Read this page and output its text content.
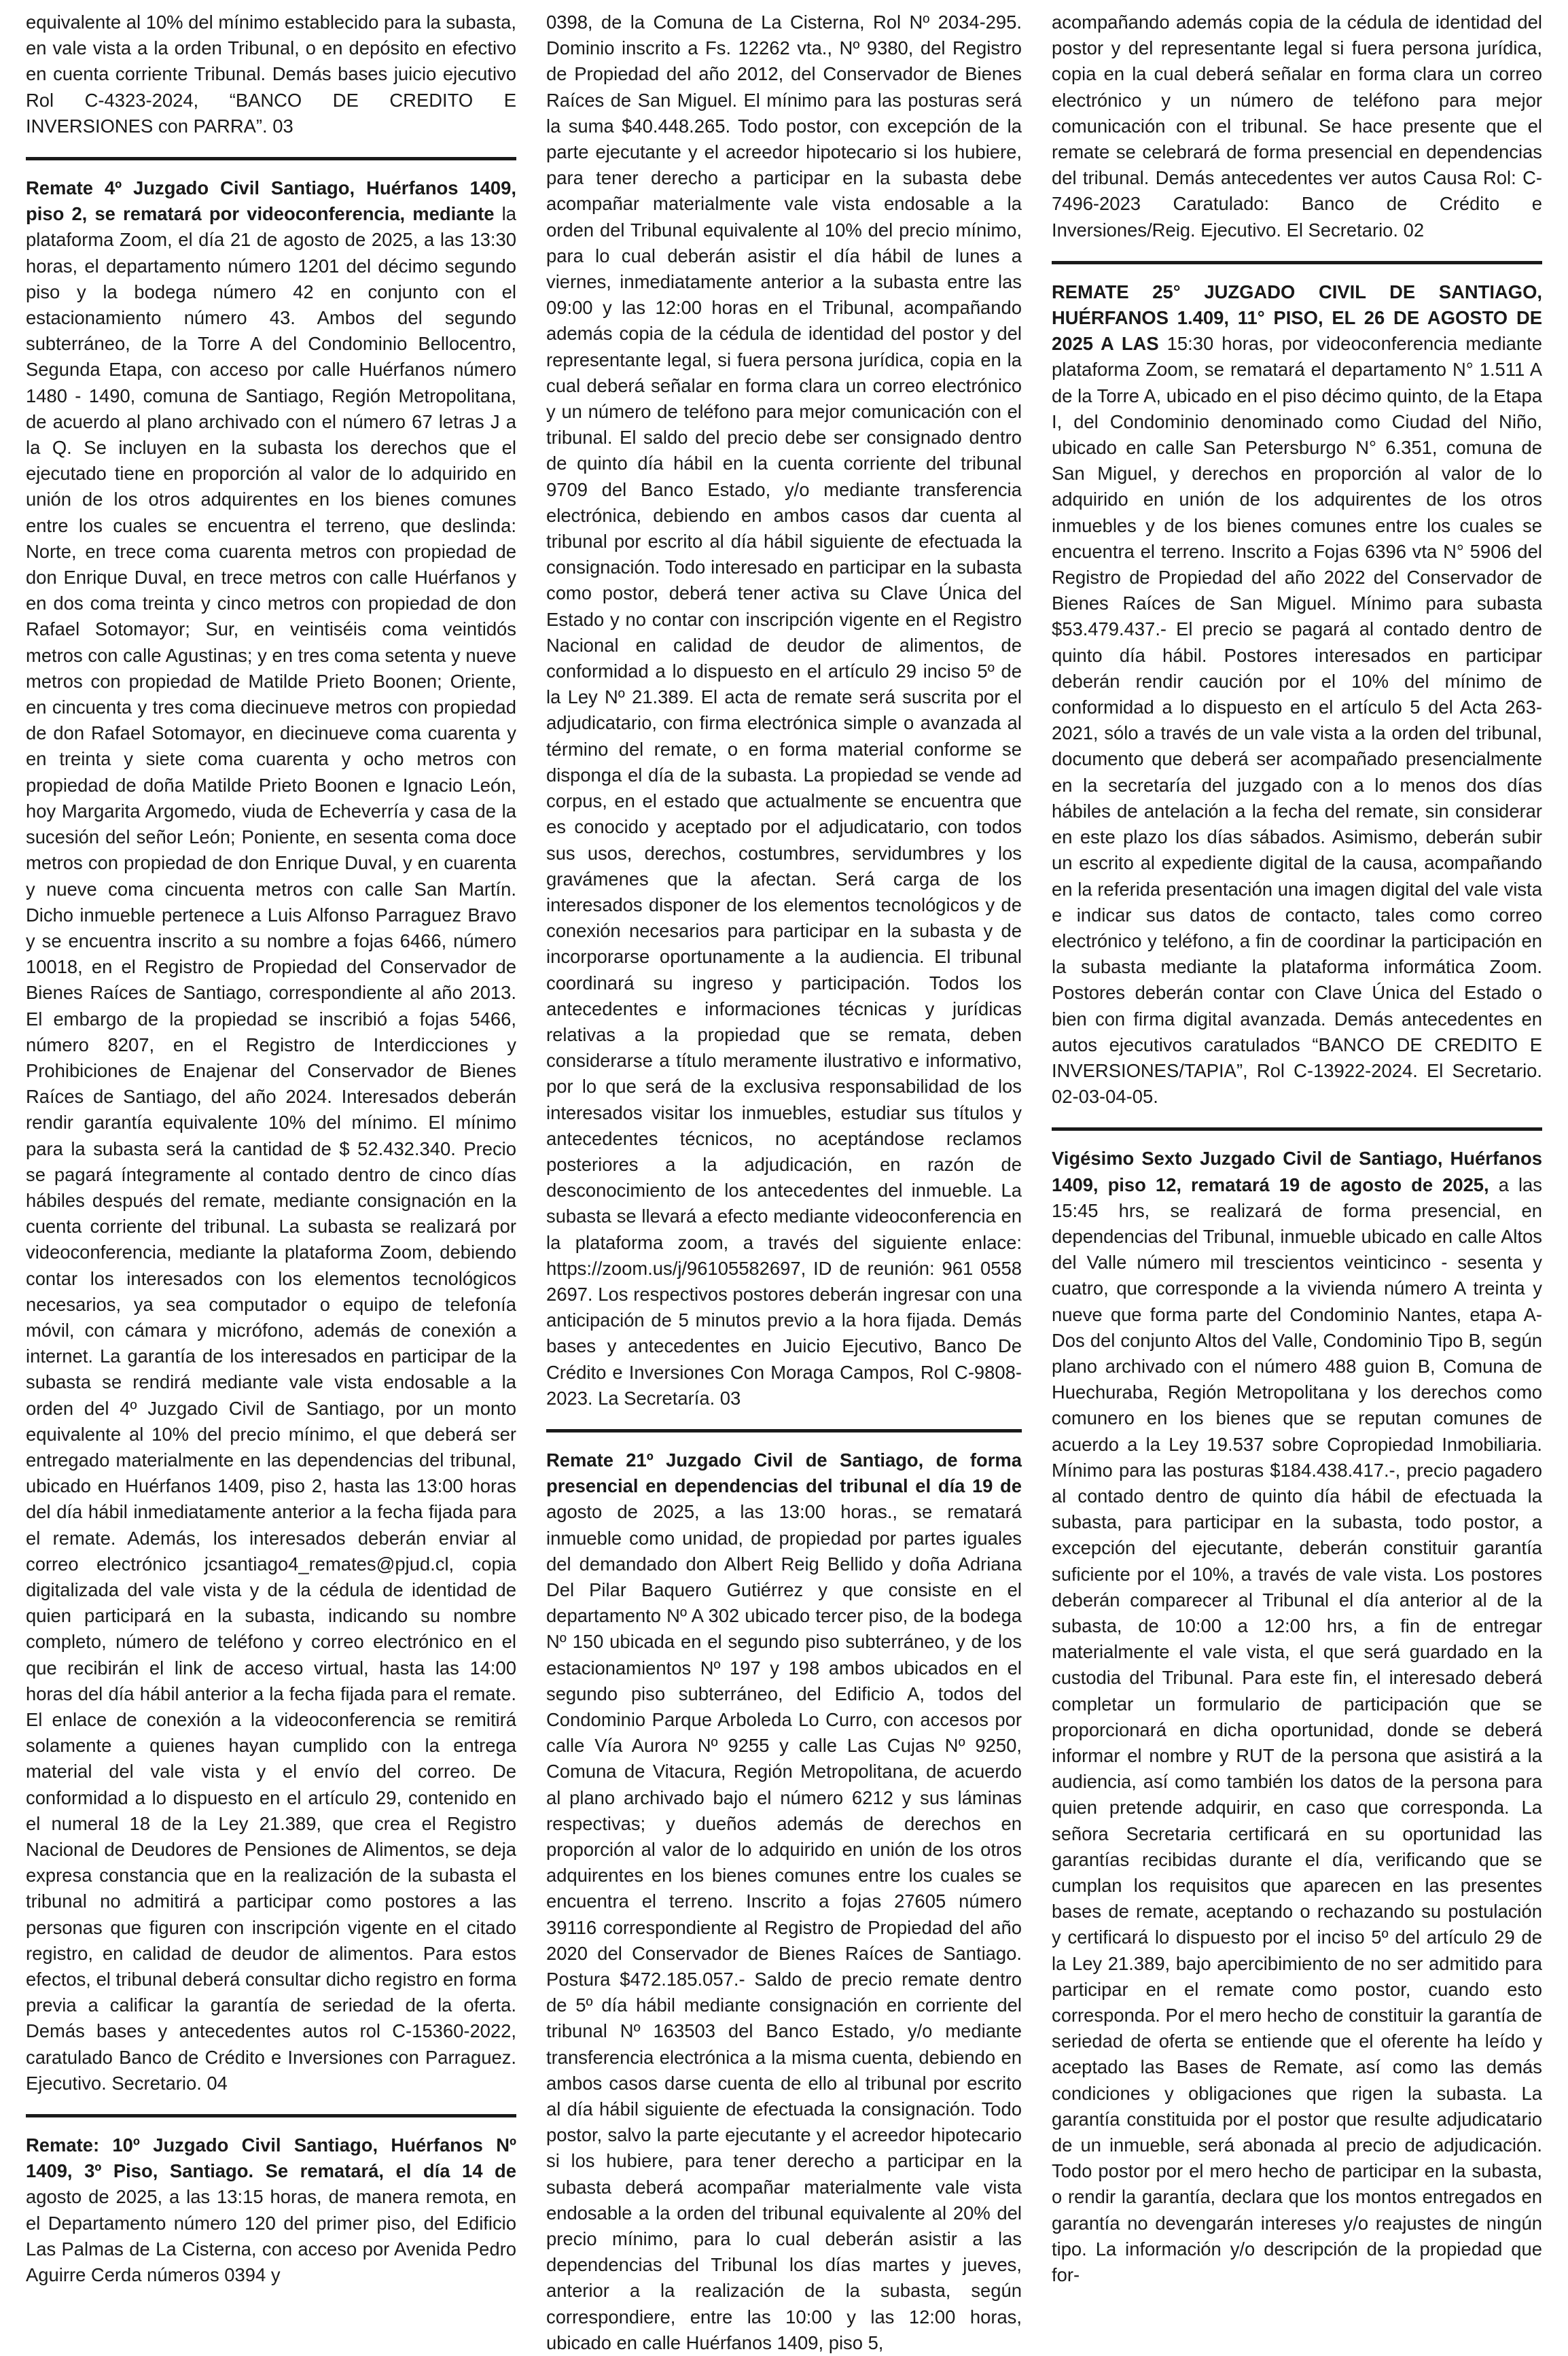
equivalente al 10% del mínimo establecido para la subasta, en vale vista a la orden Tribunal, o en depósito en efectivo en cuenta corriente Tribunal. Demás bases juicio ejecutivo Rol C-4323-2024, “BANCO DE CREDITO E INVERSIONES con PARRA”. 03

Remate 4º Juzgado Civil Santiago, Huérfanos 1409, piso 2, se rematará por videoconferencia, mediante la plataforma Zoom, el día 21 de agosto de 2025, a las 13:30 horas, el departamento número 1201 del décimo segundo piso y la bodega número 42 en conjunto con el estacionamiento número 43. Ambos del segundo subterráneo, de la Torre A del Condominio Bellocentro, Segunda Etapa, con acceso por calle Huérfanos número 1480 - 1490, comuna de Santiago, Región Metropolitana, de acuerdo al plano archivado con el número 67 letras J a la Q. Se incluyen en la subasta los derechos que el ejecutado tiene en proporción al valor de lo adquirido en unión de los otros adquirentes en los bienes comunes entre los cuales se encuentra el terreno, que deslinda: Norte, en trece coma cuarenta metros con propiedad de don Enrique Duval, en trece metros con calle Huérfanos y en dos coma treinta y cinco metros con propiedad de don Rafael Sotomayor; Sur, en veintiséis coma veintidós metros con calle Agustinas; y en tres coma setenta y nueve metros con propiedad de Matilde Prieto Boonen; Oriente, en cincuenta y tres coma diecinueve metros con propiedad de don Rafael Sotomayor, en diecinueve coma cuarenta y en treinta y siete coma cuarenta y ocho metros con propiedad de doña Matilde Prieto Boonen e Ignacio León, hoy Margarita Argomedo, viuda de Echeverría y casa de la sucesión del señor León; Poniente, en sesenta coma doce metros con propiedad de don Enrique Duval, y en cuarenta y nueve coma cincuenta metros con calle San Martín. Dicho inmueble pertenece a Luis Alfonso Parraguez Bravo y se encuentra inscrito a su nombre a fojas 6466, número 10018, en el Registro de Propiedad del Conservador de Bienes Raíces de Santiago, correspondiente al año 2013. El embargo de la propiedad se inscribió a fojas 5466, número 8207, en el Registro de Interdicciones y Prohibiciones de Enajenar del Conservador de Bienes Raíces de Santiago, del año 2024. Interesados deberán rendir garantía equivalente 10% del mínimo. El mínimo para la subasta será la cantidad de $ 52.432.340. Precio se pagará íntegramente al contado dentro de cinco días hábiles después del remate, mediante consignación en la cuenta corriente del tribunal. La subasta se realizará por videoconferencia, mediante la plataforma Zoom, debiendo contar los interesados con los elementos tecnológicos necesarios, ya sea computador o equipo de telefonía móvil, con cámara y micrófono, además de conexión a internet. La garantía de los interesados en participar de la subasta se rendirá mediante vale vista endosable a la orden del 4º Juzgado Civil de Santiago, por un monto equivalente al 10% del precio mínimo, el que deberá ser entregado materialmente en las dependencias del tribunal, ubicado en Huérfanos 1409, piso 2, hasta las 13:00 horas del día hábil inmediatamente anterior a la fecha fijada para el remate. Además, los interesados deberán enviar al correo electrónico jcsantiago4_remates@pjud.cl, copia digitalizada del vale vista y de la cédula de identidad de quien participará en la subasta, indicando su nombre completo, número de teléfono y correo electrónico en el que recibirán el link de acceso virtual, hasta las 14:00 horas del día hábil anterior a la fecha fijada para el remate. El enlace de conexión a la videoconferencia se remitirá solamente a quienes hayan cumplido con la entrega material del vale vista y el envío del correo. De conformidad a lo dispuesto en el artículo 29, contenido en el numeral 18 de la Ley 21.389, que crea el Registro Nacional de Deudores de Pensiones de Alimentos, se deja expresa constancia que en la realización de la subasta el tribunal no admitirá a participar como postores a las personas que figuren con inscripción vigente en el citado registro, en calidad de deudor de alimentos. Para estos efectos, el tribunal deberá consultar dicho registro en forma previa a calificar la garantía de seriedad de la oferta. Demás bases y antecedentes autos rol C-15360-2022, caratulado Banco de Crédito e Inversiones con Parraguez. Ejecutivo. Secretario. 04

Remate: 10º Juzgado Civil Santiago, Huérfanos Nº 1409, 3º Piso, Santiago. Se rematará, el día 14 de agosto de 2025, a las 13:15 horas, de manera remota, en el Departamento número 120 del primer piso, del Edificio Las Palmas de La Cisterna, con acceso por Avenida Pedro Aguirre Cerda números 0394 y

0398, de la Comuna de La Cisterna, Rol Nº 2034-295. Dominio inscrito a Fs. 12262 vta., Nº 9380, del Registro de Propiedad del año 2012, del Conservador de Bienes Raíces de San Miguel. El mínimo para las posturas será la suma $40.448.265. Todo postor, con excepción de la parte ejecutante y el acreedor hipotecario si los hubiere, para tener derecho a participar en la subasta debe acompañar materialmente vale vista endosable a la orden del Tribunal equivalente al 10% del precio mínimo, para lo cual deberán asistir el día hábil de lunes a viernes, inmediatamente anterior a la subasta entre las 09:00 y las 12:00 horas en el Tribunal, acompañando además copia de la cédula de identidad del postor y del representante legal, si fuera persona jurídica, copia en la cual deberá señalar en forma clara un correo electrónico y un número de teléfono para mejor comunicación con el tribunal. El saldo del precio debe ser consignado dentro de quinto día hábil en la cuenta corriente del tribunal 9709 del Banco Estado, y/o mediante transferencia electrónica, debiendo en ambos casos dar cuenta al tribunal por escrito al día hábil siguiente de efectuada la consignación. Todo interesado en participar en la subasta como postor, deberá tener activa su Clave Única del Estado y no contar con inscripción vigente en el Registro Nacional en calidad de deudor de alimentos, de conformidad a lo dispuesto en el artículo 29 inciso 5º de la Ley Nº 21.389. El acta de remate será suscrita por el adjudicatario, con firma electrónica simple o avanzada al término del remate, o en forma material conforme se disponga el día de la subasta. La propiedad se vende ad corpus, en el estado que actualmente se encuentra que es conocido y aceptado por el adjudicatario, con todos sus usos, derechos, costumbres, servidumbres y los gravámenes que la afectan. Será carga de los interesados disponer de los elementos tecnológicos y de conexión necesarios para participar en la subasta y de incorporarse oportunamente a la audiencia. El tribunal coordinará su ingreso y participación. Todos los antecedentes e informaciones técnicas y jurídicas relativas a la propiedad que se remata, deben considerarse a título meramente ilustrativo e informativo, por lo que será de la exclusiva responsabilidad de los interesados visitar los inmuebles, estudiar sus títulos y antecedentes técnicos, no aceptándose reclamos posteriores a la adjudicación, en razón de desconocimiento de los antecedentes del inmueble. La subasta se llevará a efecto mediante videoconferencia en la plataforma zoom, a través del siguiente enlace: https://zoom.us/j/96105582697, ID de reunión: 961 0558 2697. Los respectivos postores deberán ingresar con una anticipación de 5 minutos previo a la hora fijada. Demás bases y antecedentes en Juicio Ejecutivo, Banco De Crédito e Inversiones Con Moraga Campos, Rol C-9808-2023. La Secretaría. 03

Remate 21º Juzgado Civil de Santiago, de forma presencial en dependencias del tribunal el día 19 de agosto de 2025, a las 13:00 horas., se rematará inmueble como unidad, de propiedad por partes iguales del demandado don Albert Reig Bellido y doña Adriana Del Pilar Baquero Gutiérrez y que consiste en el departamento Nº A 302 ubicado tercer piso, de la bodega Nº 150 ubicada en el segundo piso subterráneo, y de los estacionamientos Nº 197 y 198 ambos ubicados en el segundo piso subterráneo, del Edificio A, todos del Condominio Parque Arboleda Lo Curro, con accesos por calle Vía Aurora Nº 9255 y calle Las Cujas Nº 9250, Comuna de Vitacura, Región Metropolitana, de acuerdo al plano archivado bajo el número 6212 y sus láminas respectivas; y dueños además de derechos en proporción al valor de lo adquirido en unión de los otros adquirentes en los bienes comunes entre los cuales se encuentra el terreno. Inscrito a fojas 27605 número 39116 correspondiente al Registro de Propiedad del año 2020 del Conservador de Bienes Raíces de Santiago. Postura $472.185.057.- Saldo de precio remate dentro de 5º día hábil mediante consignación en corriente del tribunal Nº 163503 del Banco Estado, y/o mediante transferencia electrónica a la misma cuenta, debiendo en ambos casos darse cuenta de ello al tribunal por escrito al día hábil siguiente de efectuada la consignación. Todo postor, salvo la parte ejecutante y el acreedor hipotecario si los hubiere, para tener derecho a participar en la subasta deberá acompañar materialmente vale vista endosable a la orden del tribunal equivalente al 20% del precio mínimo, para lo cual deberán asistir a las dependencias del Tribunal los días martes y jueves, anterior a la realización de la subasta, según correspondiere, entre las 10:00 y las 12:00 horas, ubicado en calle Huérfanos 1409, piso 5,

acompañando además copia de la cédula de identidad del postor y del representante legal si fuera persona jurídica, copia en la cual deberá señalar en forma clara un correo electrónico y un número de teléfono para mejor comunicación con el tribunal. Se hace presente que el remate se celebrará de forma presencial en dependencias del tribunal. Demás antecedentes ver autos Causa Rol: C-7496-2023 Caratulado: Banco de Crédito e Inversiones/Reig. Ejecutivo. El Secretario. 02

REMATE 25° JUZGADO CIVIL DE SANTIAGO, HUÉRFANOS 1.409, 11° PISO, EL 26 DE AGOSTO DE 2025 A LAS 15:30 horas, por videoconferencia mediante plataforma Zoom, se rematará el departamento N° 1.511 A de la Torre A, ubicado en el piso décimo quinto, de la Etapa I, del Condominio denominado como Ciudad del Niño, ubicado en calle San Petersburgo N° 6.351, comuna de San Miguel, y derechos en proporción al valor de lo adquirido en unión de los adquirentes de los otros inmuebles y de los bienes comunes entre los cuales se encuentra el terreno. Inscrito a Fojas 6396 vta N° 5906 del Registro de Propiedad del año 2022 del Conservador de Bienes Raíces de San Miguel. Mínimo para subasta $53.479.437.- El precio se pagará al contado dentro de quinto día hábil. Postores interesados en participar deberán rendir caución por el 10% del mínimo de conformidad a lo dispuesto en el artículo 5 del Acta 263-2021, sólo a través de un vale vista a la orden del tribunal, documento que deberá ser acompañado presencialmente en la secretaría del juzgado con a lo menos dos días hábiles de antelación a la fecha del remate, sin considerar en este plazo los días sábados. Asimismo, deberán subir un escrito al expediente digital de la causa, acompañando en la referida presentación una imagen digital del vale vista e indicar sus datos de contacto, tales como correo electrónico y teléfono, a fin de coordinar la participación en la subasta mediante la plataforma informática Zoom. Postores deberán contar con Clave Única del Estado o bien con firma digital avanzada. Demás antecedentes en autos ejecutivos caratulados “BANCO DE CREDITO E INVERSIONES/TAPIA”, Rol C-13922-2024. El Secretario. 02-03-04-05.

Vigésimo Sexto Juzgado Civil de Santiago, Huérfanos 1409, piso 12, rematará 19 de agosto de 2025, a las 15:45 hrs, se realizará de forma presencial, en dependencias del Tribunal, inmueble ubicado en calle Altos del Valle número mil trescientos veinticinco - sesenta y cuatro, que corresponde a la vivienda número A treinta y nueve que forma parte del Condominio Nantes, etapa A- Dos del conjunto Altos del Valle, Condominio Tipo B, según plano archivado con el número 488 guion B, Comuna de Huechuraba, Región Metropolitana y los derechos como comunero en los bienes que se reputan comunes de acuerdo a la Ley 19.537 sobre Copropiedad Inmobiliaria. Mínimo para las posturas $184.438.417.-, precio pagadero al contado dentro de quinto día hábil de efectuada la subasta, para participar en la subasta, todo postor, a excepción del ejecutante, deberán constituir garantía suficiente por el 10%, a través de vale vista. Los postores deberán comparecer al Tribunal el día anterior al de la subasta, de 10:00 a 12:00 hrs, a fin de entregar materialmente el vale vista, el que será guardado en la custodia del Tribunal. Para este fin, el interesado deberá completar un formulario de participación que se proporcionará en dicha oportunidad, donde se deberá informar el nombre y RUT de la persona que asistirá a la audiencia, así como también los datos de la persona para quien pretende adquirir, en caso que corresponda. La señora Secretaria certificará en su oportunidad las garantías recibidas durante el día, verificando que se cumplan los requisitos que aparecen en las presentes bases de remate, aceptando o rechazando su postulación y certificará lo dispuesto por el inciso 5º del artículo 29 de la Ley 21.389, bajo apercibimiento de no ser admitido para participar en el remate como postor, cuando esto corresponda. Por el mero hecho de constituir la garantía de seriedad de oferta se entiende que el oferente ha leído y aceptado las Bases de Remate, así como las demás condiciones y obligaciones que rigen la subasta. La garantía constituida por el postor que resulte adjudicatario de un inmueble, será abonada al precio de adjudicación. Todo postor por el mero hecho de participar en la subasta, o rendir la garantía, declara que los montos entregados en garantía no devengarán intereses y/o reajustes de ningún tipo. La información y/o descripción de la propiedad que for-
